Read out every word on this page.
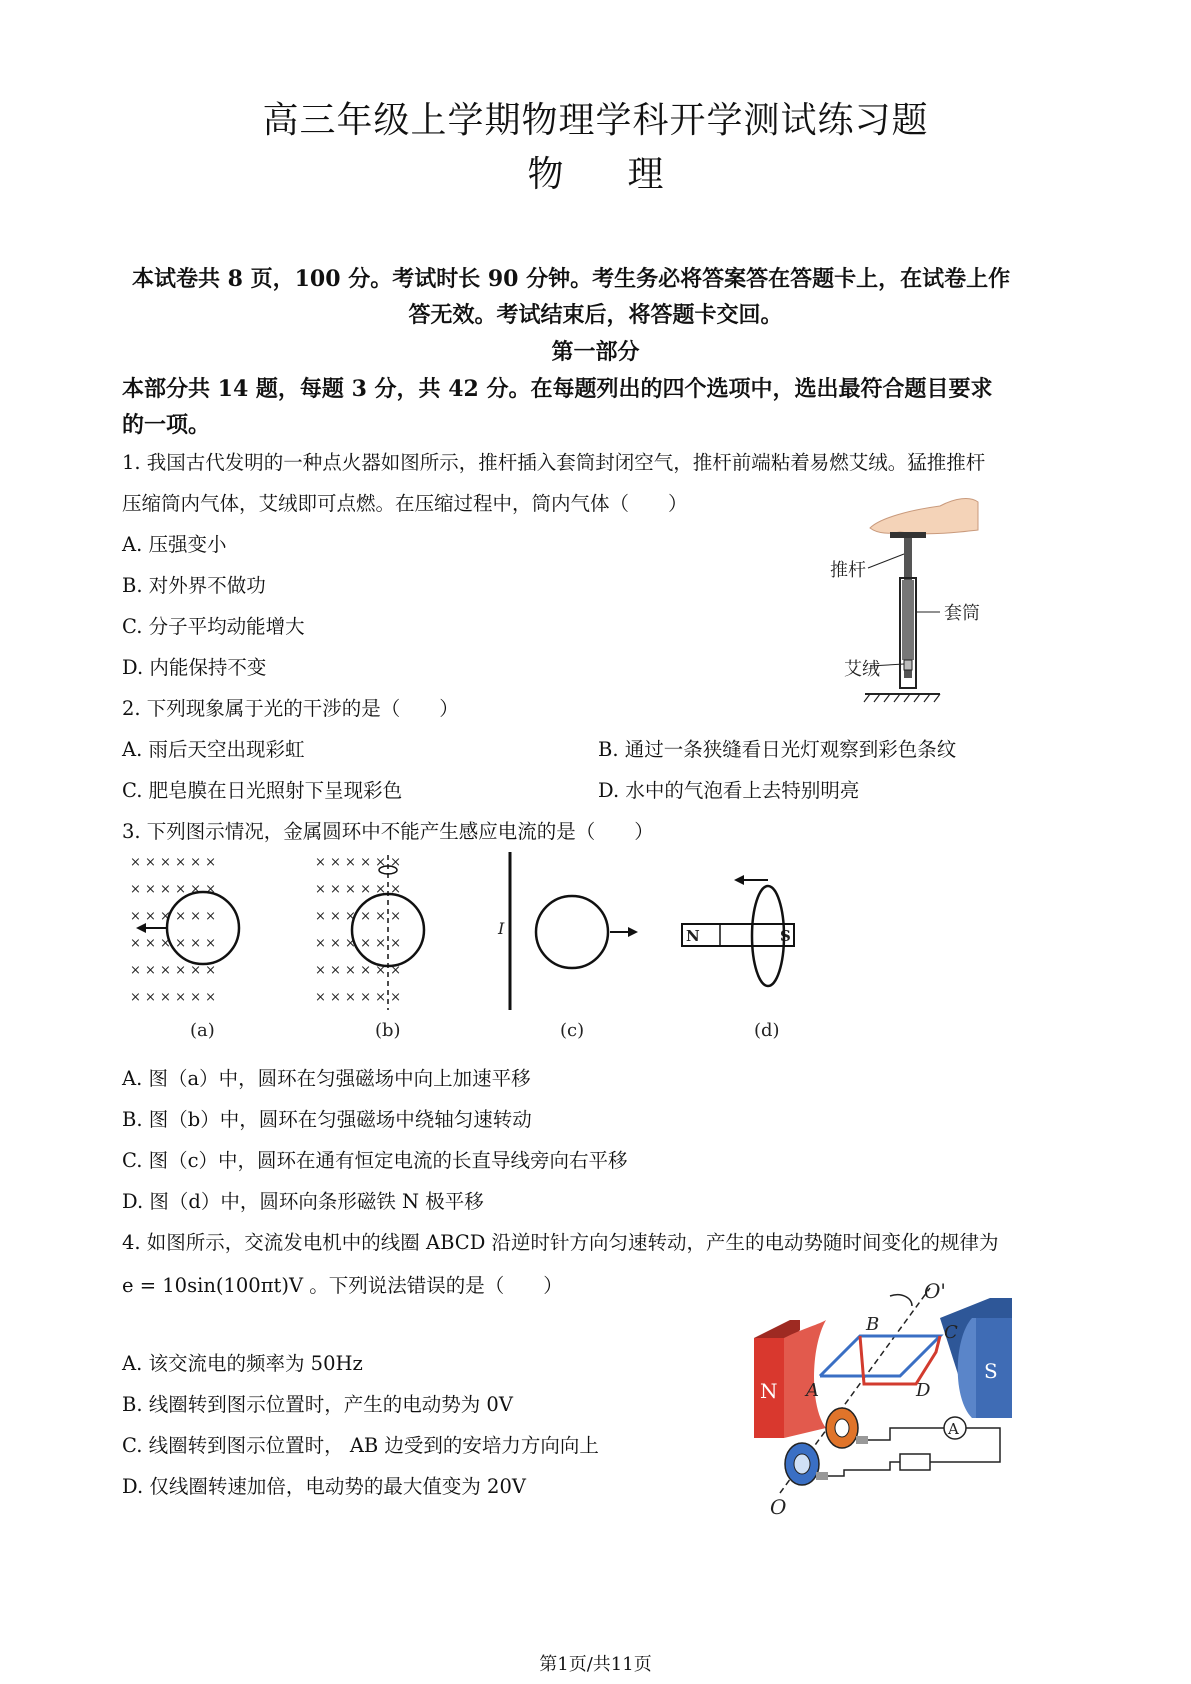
高三年级上学期物理学科开学测试练习题
物理
本试卷共 8 页，100 分。考试时长 90 分钟。考生务必将答案答在答题卡上，在试卷上作
答无效。考试结束后，将答题卡交回。
第一部分
本部分共 14 题，每题 3 分，共 42 分。在每题列出的四个选项中，选出最符合题目要求
的一项。
1. 我国古代发明的一种点火器如图所示，推杆插入套筒封闭空气，推杆前端粘着易燃艾绒。猛推推杆
压缩筒内气体，艾绒即可点燃。在压缩过程中，筒内气体（　　）
A. 压强变小
B. 对外界不做功
C. 分子平均动能增大
D. 内能保持不变
推杆
套筒
艾绒
2. 下列现象属于光的干涉的是（　　）
A. 雨后天空出现彩虹	B. 通过一条狭缝看日光灯观察到彩色条纹
C. 肥皂膜在日光照射下呈现彩色	D. 水中的气泡看上去特别明亮
3. 下列图示情况，金属圆环中不能产生感应电流的是（　　）
× × × × × ×
× × × × × ×
× × × × × ×
× × × × × ×
× × × × × ×
× × × × × ×
(a)
× × × × × ×
× × × × × ×
× × × × × ×
× × × × × ×
× × × × × ×
× × × × × ×
(b)
I
(c)
N	S
(d)
A. 图（a）中，圆环在匀强磁场中向上加速平移
B. 图（b）中，圆环在匀强磁场中绕轴匀速转动
C. 图（c）中，圆环在通有恒定电流的长直导线旁向右平移
D. 图（d）中，圆环向条形磁铁 N 极平移
4. 如图所示，交流发电机中的线圈 ABCD 沿逆时针方向匀速转动，产生的电动势随时间变化的规律为
e = 10sin(100πt)V 。下列说法错误的是（　　）
A. 该交流电的频率为 50Hz
B. 线圈转到图示位置时，产生的电动势为 0V
C. 线圈转到图示位置时， AB 边受到的安培力方向向上
D. 仅线圈转速加倍，电动势的最大值变为 20V
N
S
A
O'
B	C
A	D
O
第1页/共11页
